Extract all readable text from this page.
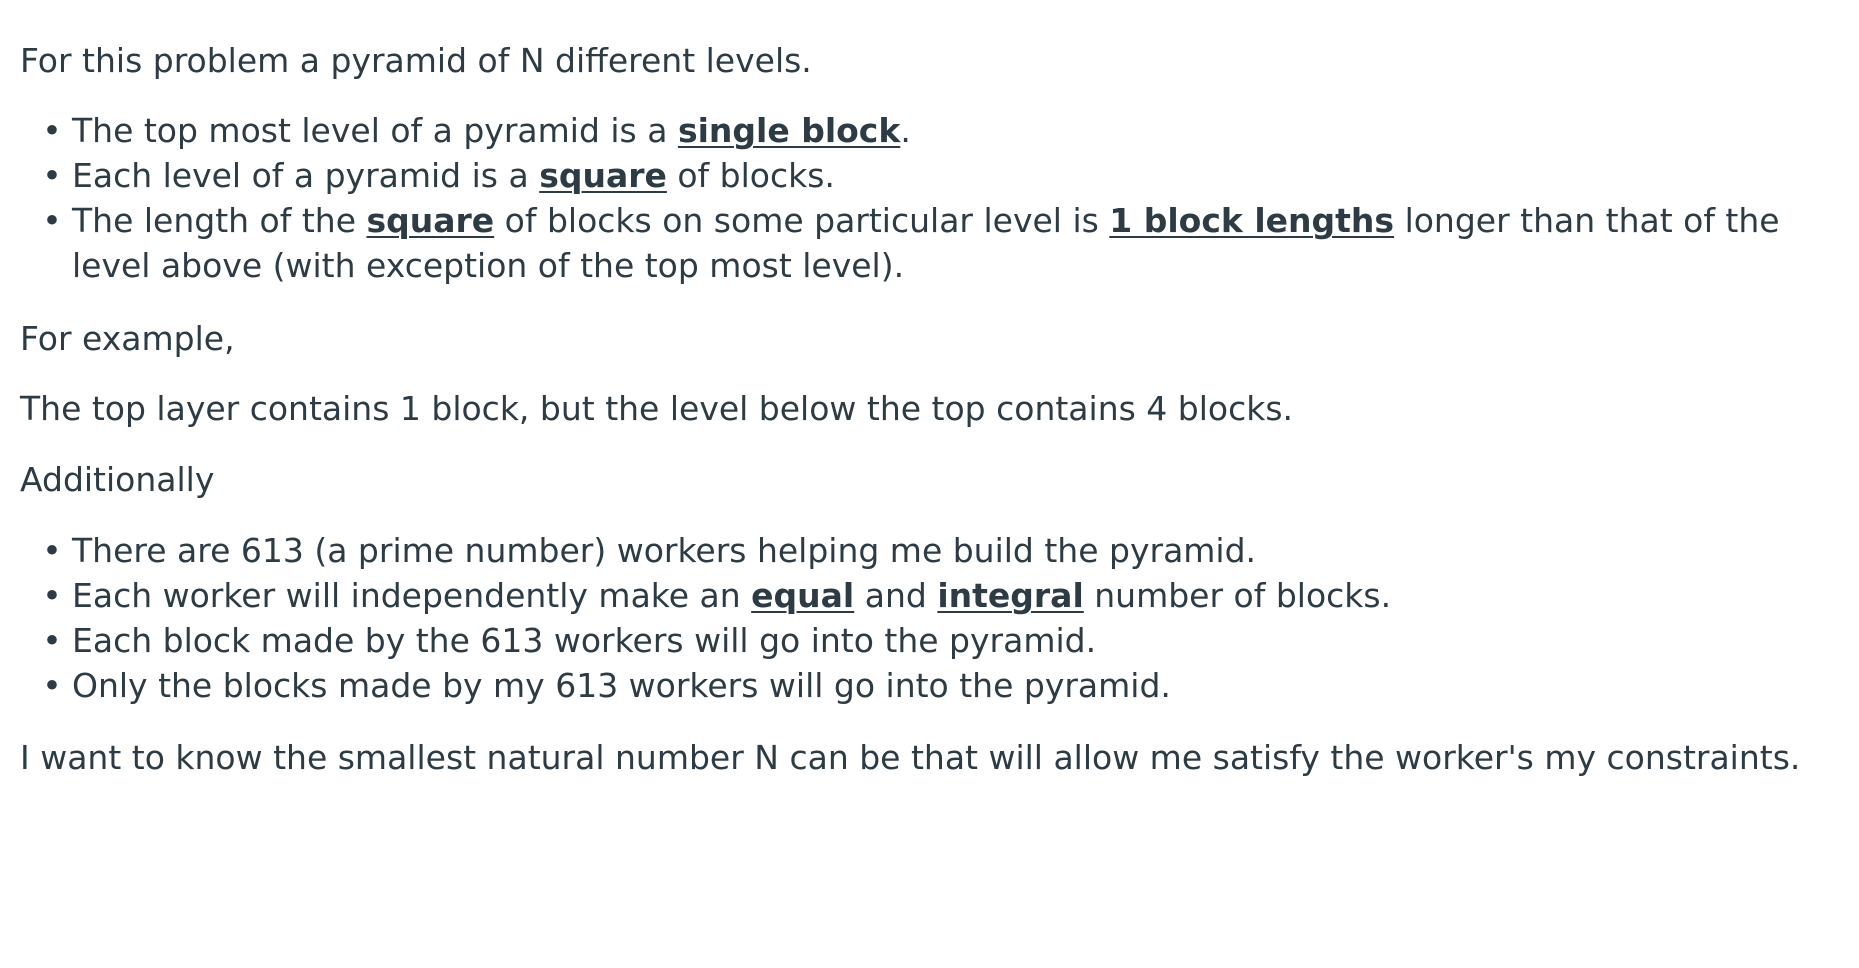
For this problem a pyramid of N different levels.

• The top most level of a pyramid is a single block.
• Each level of a pyramid is a square of blocks.
• The length of the square of blocks on some particular level is 1 block lengths longer than that of the level above (with exception of the top most level).

For example,

The top layer contains 1 block, but the level below the top contains 4 blocks.

Additionally

• There are 613 (a prime number) workers helping me build the pyramid.
• Each worker will independently make an equal and integral number of blocks.
• Each block made by the 613 workers will go into the pyramid.
• Only the blocks made by my 613 workers will go into the pyramid.

I want to know the smallest natural number N can be that will allow me satisfy the worker's my constraints.
